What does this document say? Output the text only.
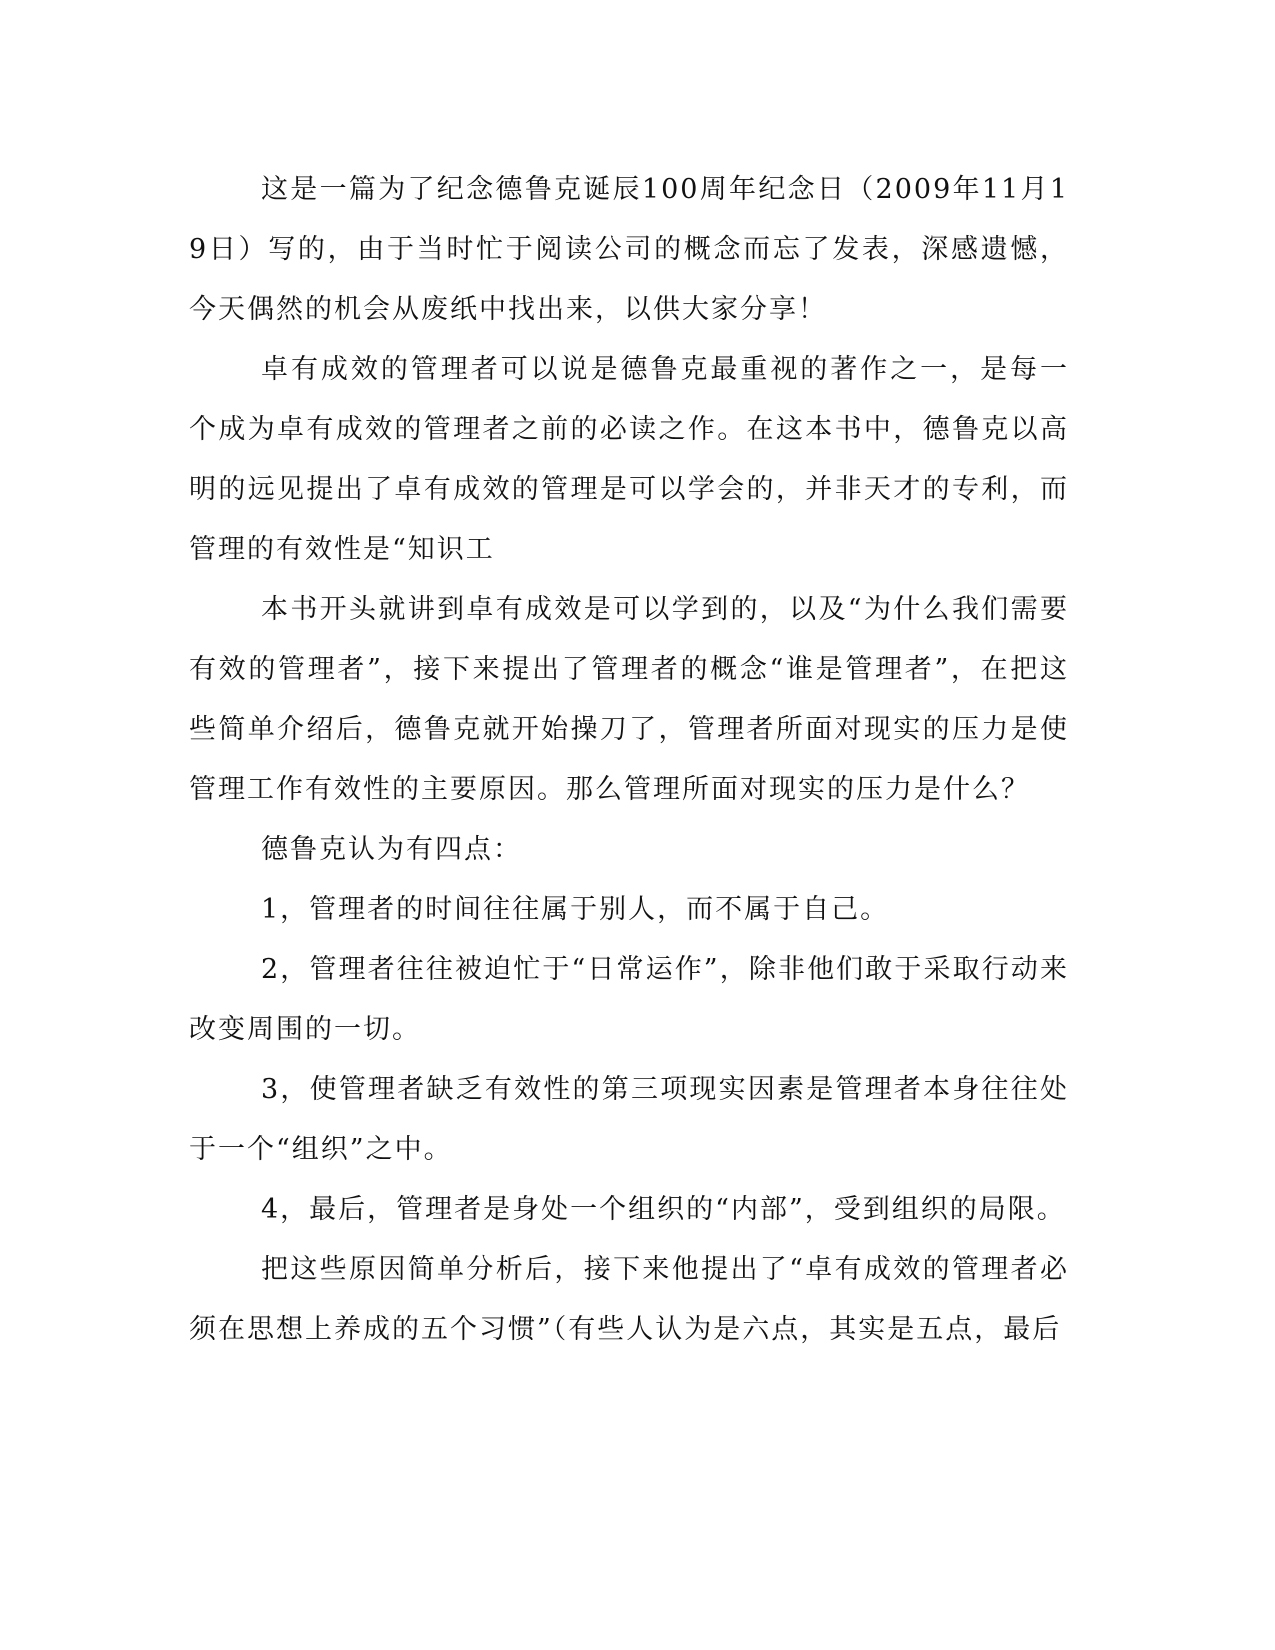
这是一篇为了纪念德鲁克诞辰100周年纪念日（2009年11月19日）写的，由于当时忙于阅读公司的概念而忘了发表，深感遗憾，今天偶然的机会从废纸中找出来，以供大家分享！

卓有成效的管理者可以说是德鲁克最重视的著作之一，是每一个成为卓有成效的管理者之前的必读之作。在这本书中，德鲁克以高明的远见提出了卓有成效的管理是可以学会的，并非天才的专利，而管理的有效性是“知识工

本书开头就讲到卓有成效是可以学到的，以及“为什么我们需要有效的管理者”，接下来提出了管理者的概念“谁是管理者”，在把这些简单介绍后，德鲁克就开始操刀了，管理者所面对现实的压力是使管理工作有效性的主要原因。那么管理所面对现实的压力是什么？

德鲁克认为有四点：

1，管理者的时间往往属于别人，而不属于自己。

2，管理者往往被迫忙于“日常运作”，除非他们敢于采取行动来改变周围的一切。

3，使管理者缺乏有效性的第三项现实因素是管理者本身往往处于一个“组织”之中。

4，最后，管理者是身处一个组织的“内部”，受到组织的局限。

把这些原因简单分析后，接下来他提出了“卓有成效的管理者必须在思想上养成的五个习惯”（有些人认为是六点，其实是五点，最后
